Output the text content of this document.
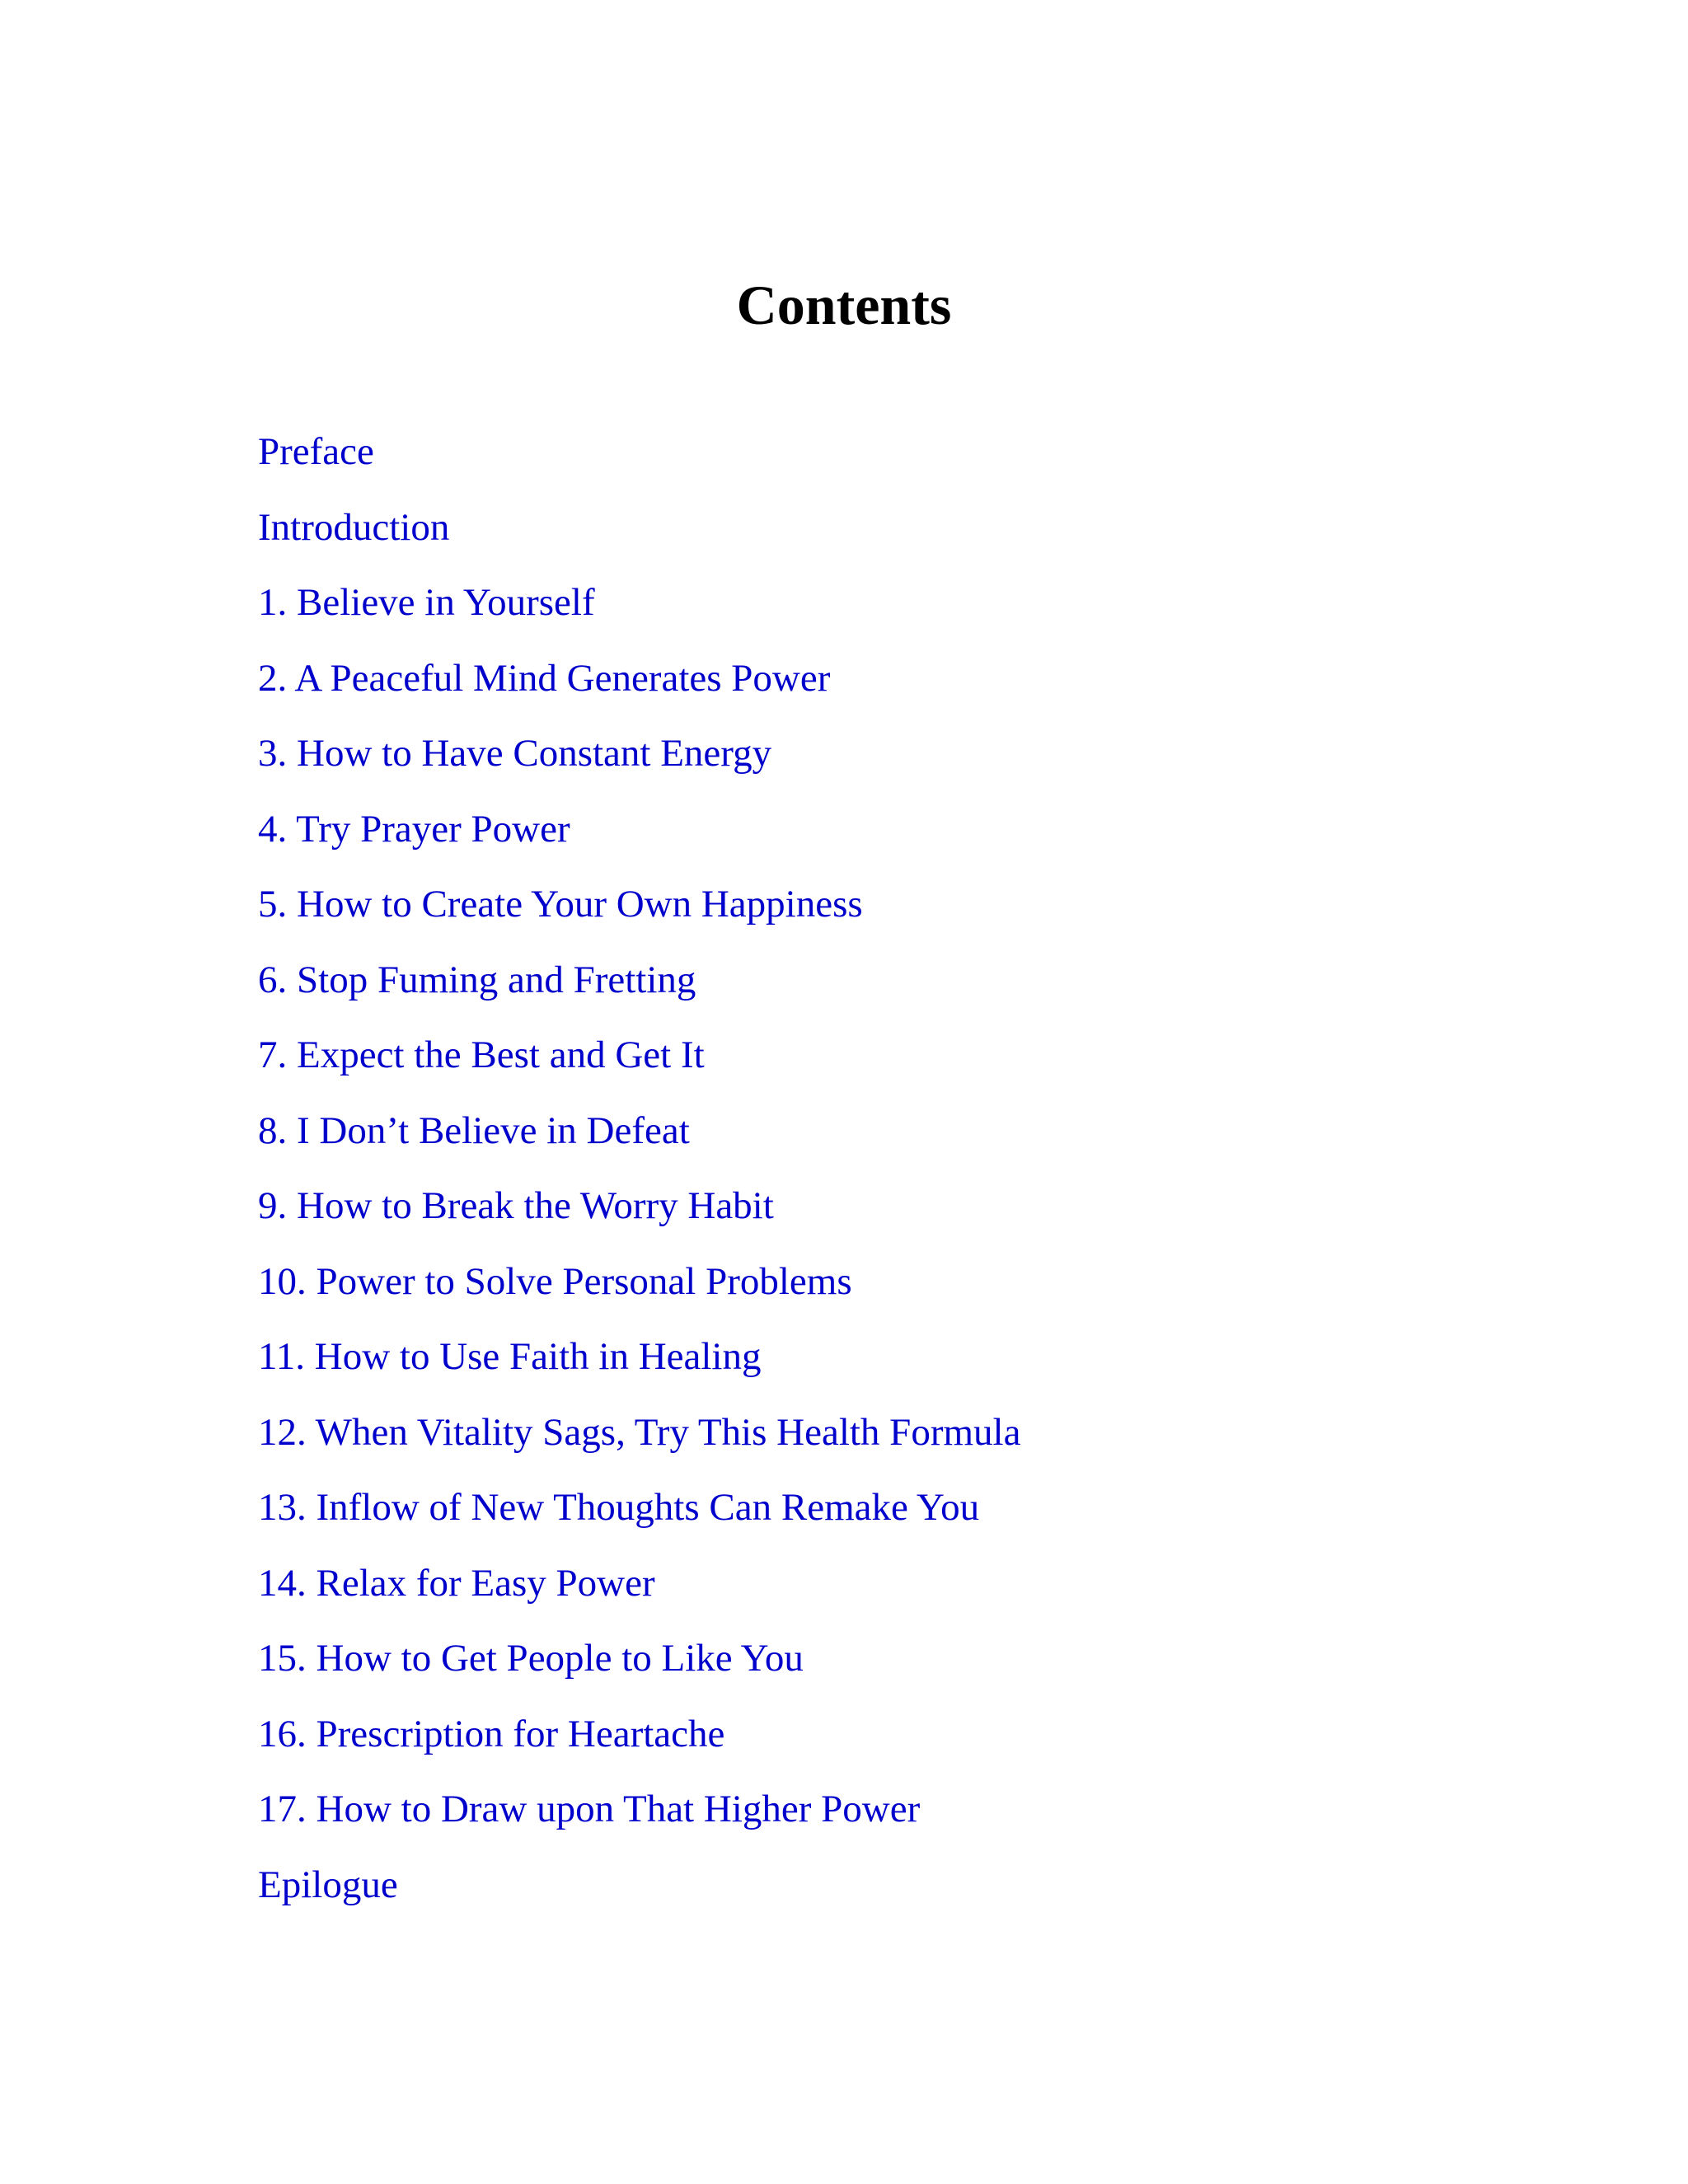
Contents
Preface
Introduction
1. Believe in Yourself
2. A Peaceful Mind Generates Power
3. How to Have Constant Energy
4. Try Prayer Power
5. How to Create Your Own Happiness
6. Stop Fuming and Fretting
7. Expect the Best and Get It
8. I Don’t Believe in Defeat
9. How to Break the Worry Habit
10. Power to Solve Personal Problems
11. How to Use Faith in Healing
12. When Vitality Sags, Try This Health Formula
13. Inflow of New Thoughts Can Remake You
14. Relax for Easy Power
15. How to Get People to Like You
16. Prescription for Heartache
17. How to Draw upon That Higher Power
Epilogue
